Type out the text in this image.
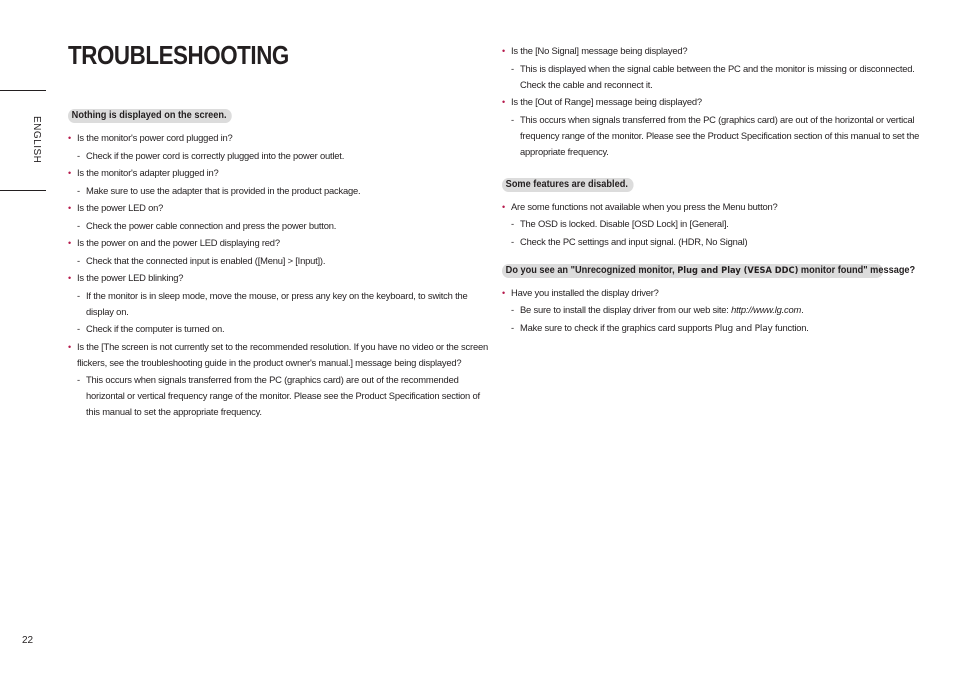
ENGLISH
TROUBLESHOOTING
Nothing is displayed on the screen.
• Is the monitor's power cord plugged in?
- Check if the power cord is correctly plugged into the power outlet.
• Is the monitor's adapter plugged in?
- Make sure to use the adapter that is provided in the product package.
• Is the power LED on?
- Check the power cable connection and press the power button.
• Is the power on and the power LED displaying red?
- Check that the connected input is enabled ([Menu] > [Input]).
• Is the power LED blinking?
- If the monitor is in sleep mode, move the mouse, or press any key on the keyboard, to switch the display on.
- Check if the computer is turned on.
• Is the [The screen is not currently set to the recommended resolution. If you have no video or the screen flickers, see the troubleshooting guide in the product owner's manual.] message being displayed?
- This occurs when signals transferred from the PC (graphics card) are out of the recommended horizontal or vertical frequency range of the monitor. Please see the Product Specification section of this manual to set the appropriate frequency.
• Is the [No Signal] message being displayed?
- This is displayed when the signal cable between the PC and the monitor is missing or disconnected. Check the cable and reconnect it.
• Is the [Out of Range] message being displayed?
- This occurs when signals transferred from the PC (graphics card) are out of the horizontal or vertical frequency range of the monitor. Please see the Product Specification section of this manual to set the appropriate frequency.
Some features are disabled.
• Are some functions not available when you press the Menu button?
- The OSD is locked. Disable [OSD Lock] in [General].
- Check the PC settings and input signal. (HDR, No Signal)
Do you see an "Unrecognized monitor, Plug and Play (VESA DDC) monitor found" message?
• Have you installed the display driver?
- Be sure to install the display driver from our web site: http://www.lg.com.
- Make sure to check if the graphics card supports Plug and Play function.
22
